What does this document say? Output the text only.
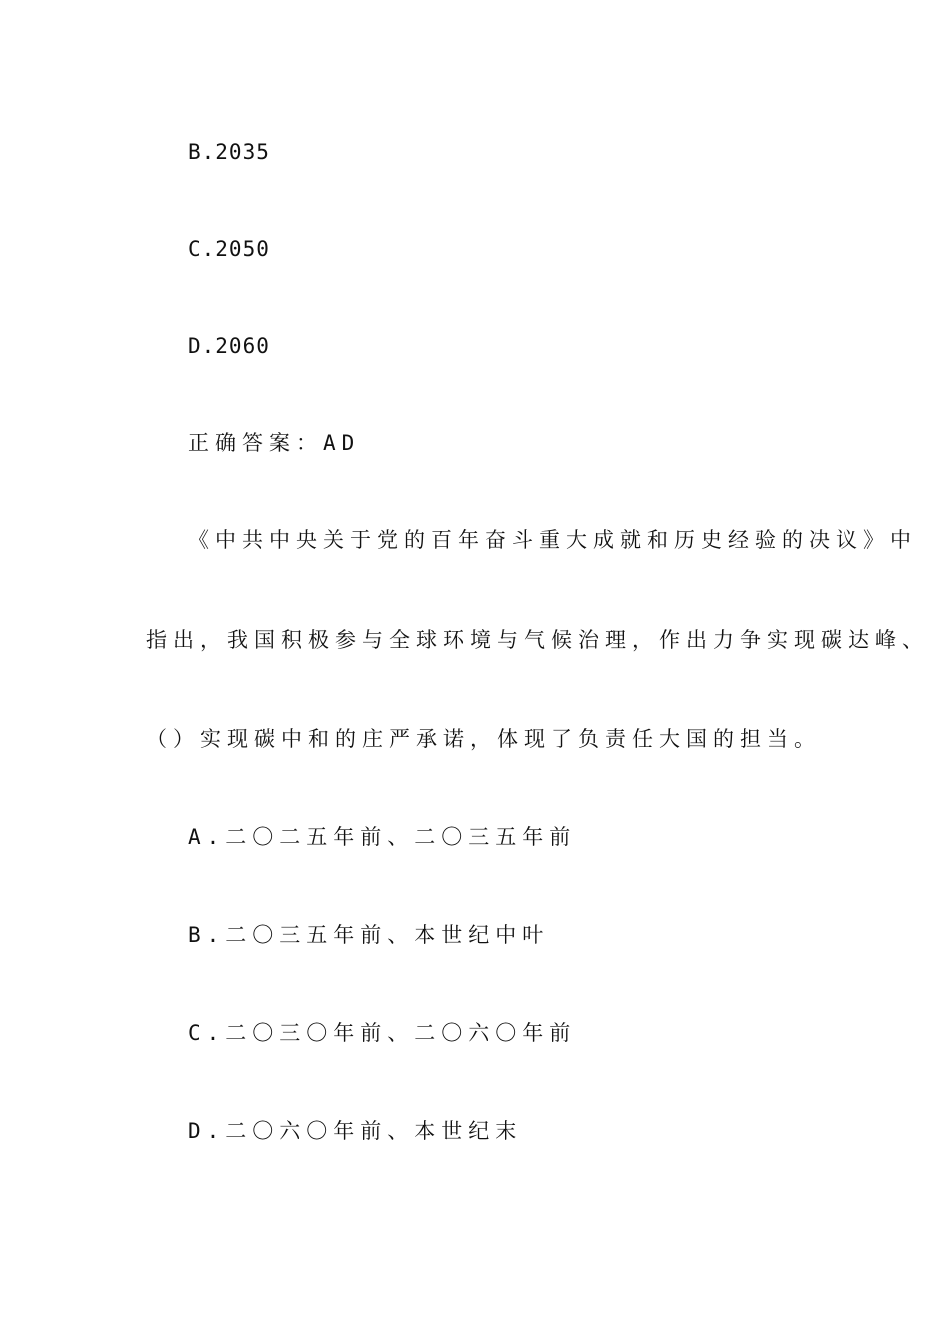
B.2035
C.2050
D.2060
正确答案：AD
《中共中央关于党的百年奋斗重大成就和历史经验的决议》中
指出，我国积极参与全球环境与气候治理，作出力争实现碳达峰、
（）实现碳中和的庄严承诺，体现了负责任大国的担当。
A.二〇二五年前、二〇三五年前
B.二〇三五年前、本世纪中叶
C.二〇三〇年前、二〇六〇年前
D.二〇六〇年前、本世纪末
